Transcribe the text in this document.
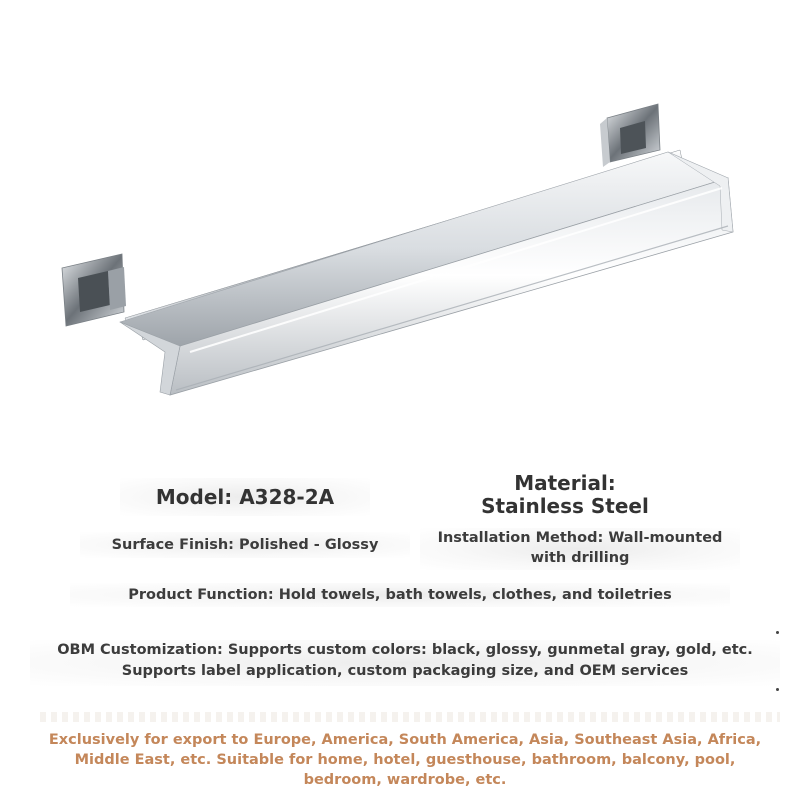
Model: A328-2A
Material:
Stainless Steel
Surface Finish: Polished - Glossy	Installation Method: Wall-mounted
with drilling
Product Function: Hold towels, bath towels, clothes, and toiletries
OBM Customization: Supports custom colors: black, glossy, gunmetal gray, gold, etc.
Supports label application, custom packaging size, and OEM services
Exclusively for export to Europe, America, South America, Asia, Southeast Asia, Africa,
Middle East, etc. Suitable for home, hotel, guesthouse, bathroom, balcony, pool,
bedroom, wardrobe, etc.
